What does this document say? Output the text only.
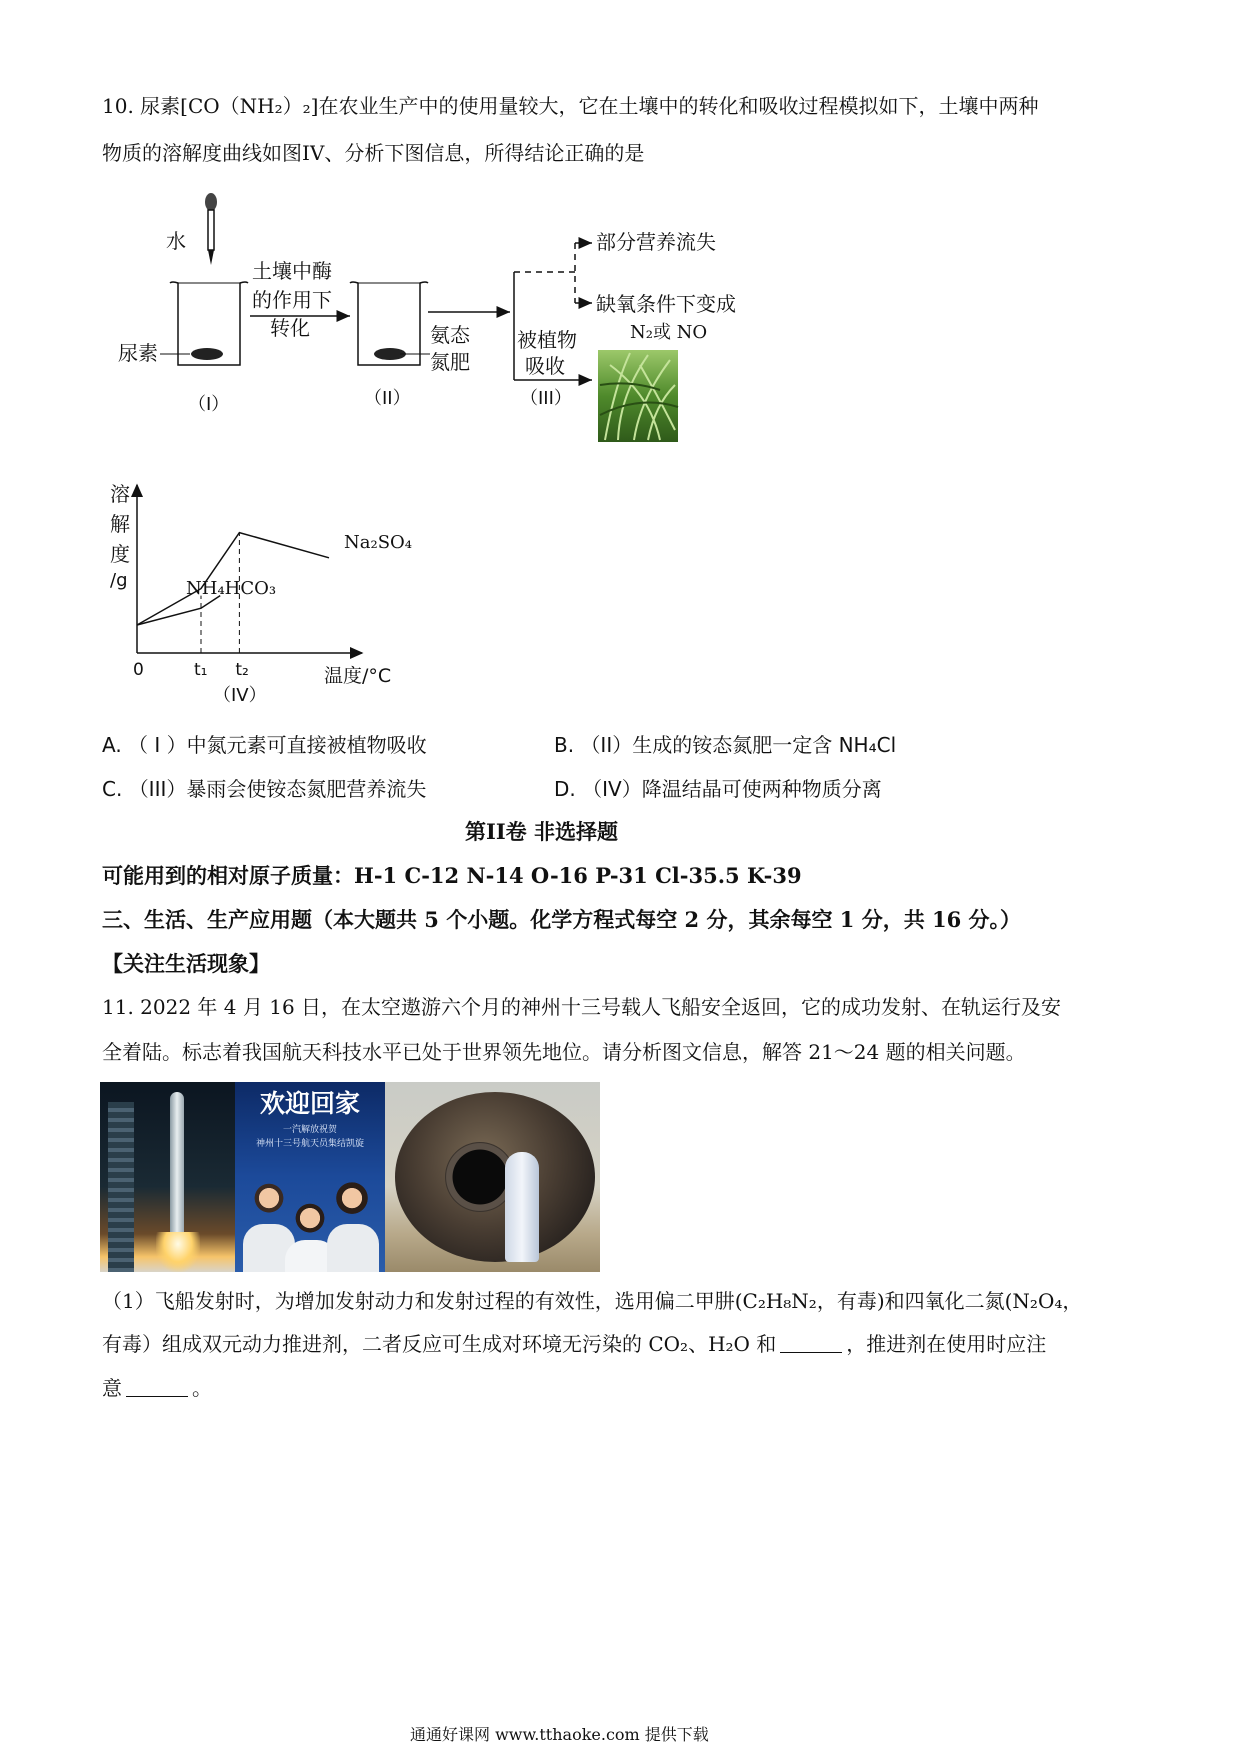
10. 尿素[CO（NH₂）₂]在农业生产中的使用量较大，它在土壤中的转化和吸收过程模拟如下，土壤中两种
物质的溶解度曲线如图IV、分析下图信息，所得结论正确的是
水
尿素
（I）
土壤中酶
的作用下
转化	氨态
氮肥
（II）
部分营养流失
缺氧条件下变成
N₂或 NO
被植物
吸收
（III）
溶
解
度
/g
Na₂SO₄
NH₄HCO₃
0	t₁ t₂	温度/°C
（IV）
A. （ I ）中氮元素可直接被植物吸收	B. （II）生成的铵态氮肥一定含 NH₄Cl
C. （III）暴雨会使铵态氮肥营养流失	D. （IV）降温结晶可使两种物质分离
第II卷 非选择题
可能用到的相对原子质量：H-1 C-12 N-14 O-16 P-31 Cl-35.5 K-39
三、生活、生产应用题（本大题共 5 个小题。化学方程式每空 2 分，其余每空 1 分，共 16 分。）
【关注生活现象】
11. 2022 年 4 月 16 日，在太空遨游六个月的神州十三号载人飞船安全返回，它的成功发射、在轨运行及安
全着陆。标志着我国航天科技水平已处于世界领先地位。请分析图文信息，解答 21～24 题的相关问题。
欢迎回家
一汽解放祝贺
神州十三号航天员集结凯旋
（1）飞船发射时，为增加发射动力和发射过程的有效性，选用偏二甲肼(C₂H₈N₂，有毒)和四氧化二氮(N₂O₄，
有毒）组成双元动力推进剂，二者反应可生成对环境无污染的 CO₂、H₂O 和	，推进剂在使用时应注
意	。
通通好课网 www.tthaoke.com 提供下载
